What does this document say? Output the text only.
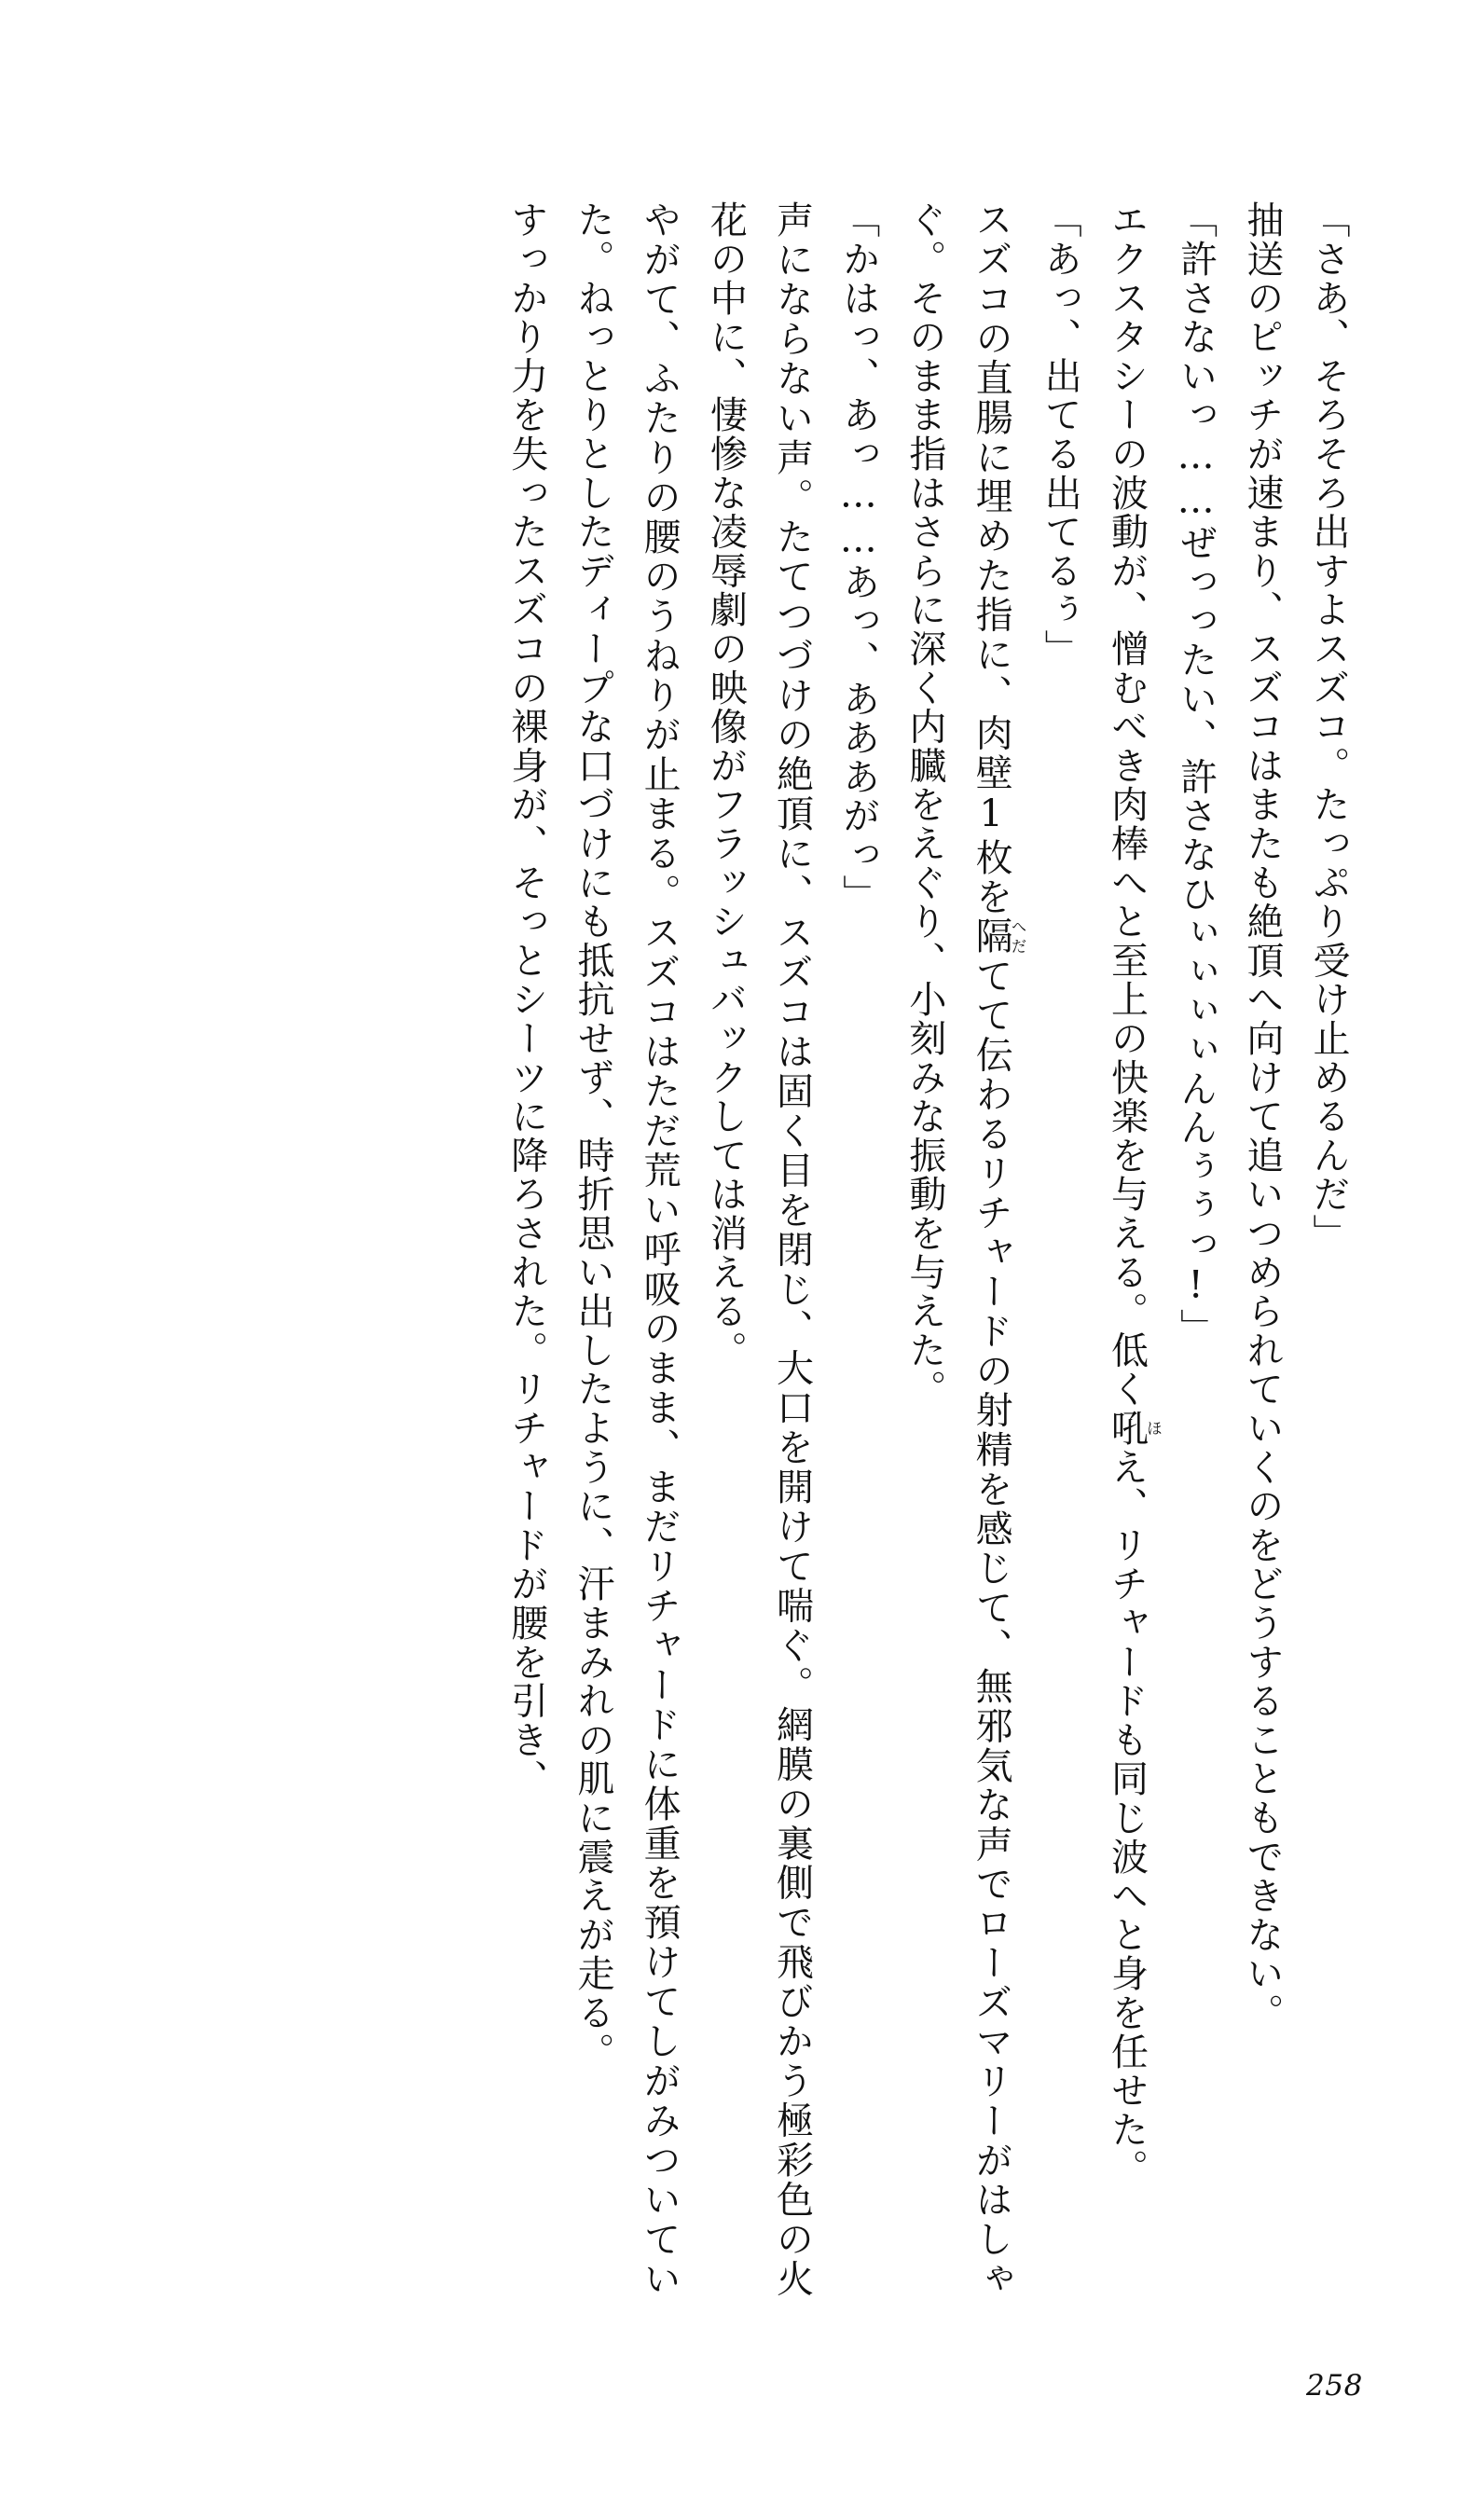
「さあ、そろそろ出すよスズコ。たっぷり受け止めるんだ」

抽送のピッチが速まり、スズコはまたも絶頂へ向けて追いつめられていくのをどうすることもできない。

「許さないっ……ぜっったい、許さなひぃぃぃぃんんぅぅっ!」

エクスタシーの波動が、憎むべき肉棒へと至上の快楽を与える。低く吼ほえ、リチャードも同じ波へと身を任せた。

「あっ、出てる出てるぅ」

スズコの直腸に埋めた指に、肉壁1枚を隔へだてて伝わるリチャードの射精を感じて、無邪気な声でローズマリーがはしゃぐ。そのまま指はさらに深く内臓をえぐり、小刻みな振動を与えた。

「かはっ、あっ……あっ、あああがっ」

声にならない声。たてつづけの絶頂に、スズコは固く目を閉じ、大口を開けて喘ぐ。網膜の裏側で飛びかう極彩色の火花の中に、悽惨な凌辱劇の映像がフラッシュバックしては消える。

やがて、ふたりの腰のうねりが止まる。スズコはただ荒い呼吸のまま、まだリチャードに体重を預けてしがみついていた。ねっとりとしたディープな口づけにも抵抗せず、時折思い出したように、汗まみれの肌に震えが走る。

すっかり力を失ったスズコの裸身が、そっとシーツに降ろされた。リチャードが腰を引き、

258
